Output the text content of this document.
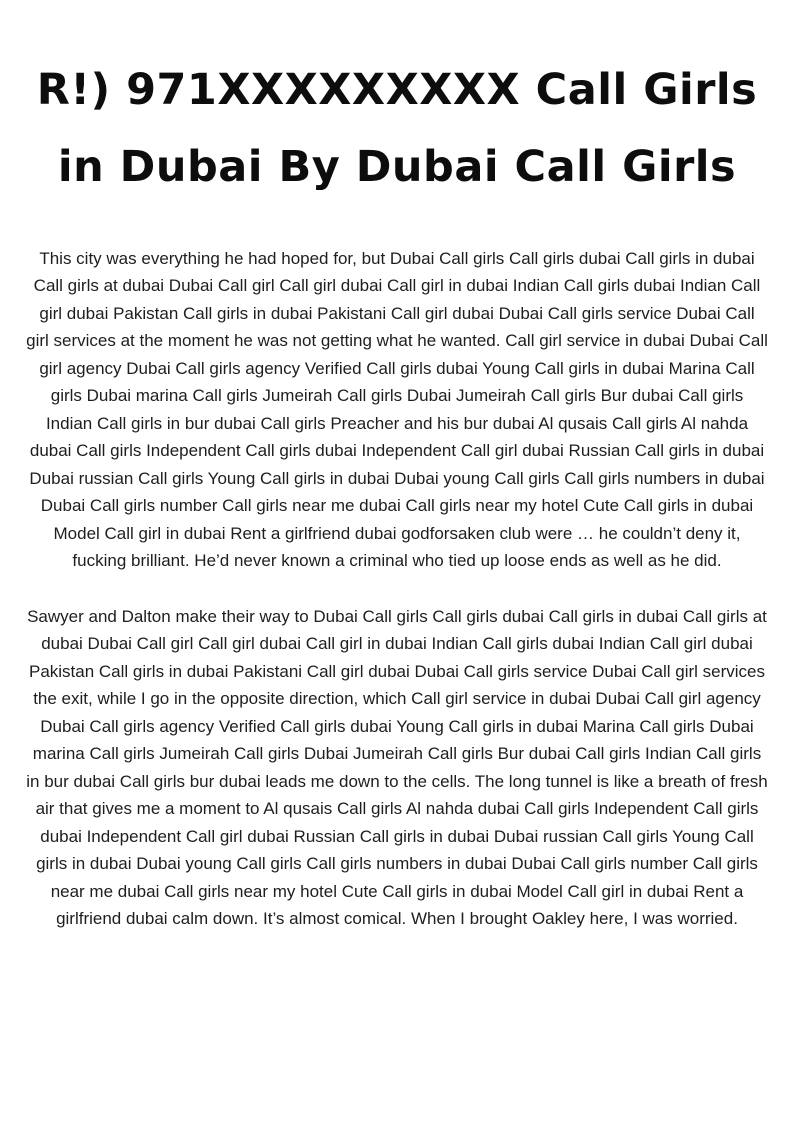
R!) 971XXXXXXXXX Call Girls
in Dubai By Dubai Call Girls

This city was everything he had hoped for, but Dubai Call girls Call girls dubai Call girls in dubai Call girls at dubai Dubai Call girl Call girl dubai Call girl in dubai Indian Call girls dubai Indian Call girl dubai Pakistan Call girls in dubai Pakistani Call girl dubai Dubai Call girls service Dubai Call girl services at the moment he was not getting what he wanted. Call girl service in dubai Dubai Call girl agency Dubai Call girls agency Verified Call girls dubai Young Call girls in dubai Marina Call girls Dubai marina Call girls Jumeirah Call girls Dubai Jumeirah Call girls Bur dubai Call girls Indian Call girls in bur dubai Call girls Preacher and his bur dubai Al qusais Call girls Al nahda dubai Call girls Independent Call girls dubai Independent Call girl dubai Russian Call girls in dubai Dubai russian Call girls Young Call girls in dubai Dubai young Call girls Call girls numbers in dubai Dubai Call girls number Call girls near me dubai Call girls near my hotel Cute Call girls in dubai Model Call girl in dubai Rent a girlfriend dubai godforsaken club were … he couldn’t deny it, fucking brilliant. He’d never known a criminal who tied up loose ends as well as he did.

Sawyer and Dalton make their way to Dubai Call girls Call girls dubai Call girls in dubai Call girls at dubai Dubai Call girl Call girl dubai Call girl in dubai Indian Call girls dubai Indian Call girl dubai Pakistan Call girls in dubai Pakistani Call girl dubai Dubai Call girls service Dubai Call girl services the exit, while I go in the opposite direction, which Call girl service in dubai Dubai Call girl agency Dubai Call girls agency Verified Call girls dubai Young Call girls in dubai Marina Call girls Dubai marina Call girls Jumeirah Call girls Dubai Jumeirah Call girls Bur dubai Call girls Indian Call girls in bur dubai Call girls bur dubai leads me down to the cells. The long tunnel is like a breath of fresh air that gives me a moment to Al qusais Call girls Al nahda dubai Call girls Independent Call girls dubai Independent Call girl dubai Russian Call girls in dubai Dubai russian Call girls Young Call girls in dubai Dubai young Call girls Call girls numbers in dubai Dubai Call girls number Call girls near me dubai Call girls near my hotel Cute Call girls in dubai Model Call girl in dubai Rent a girlfriend dubai calm down. It’s almost comical. When I brought Oakley here, I was worried.
